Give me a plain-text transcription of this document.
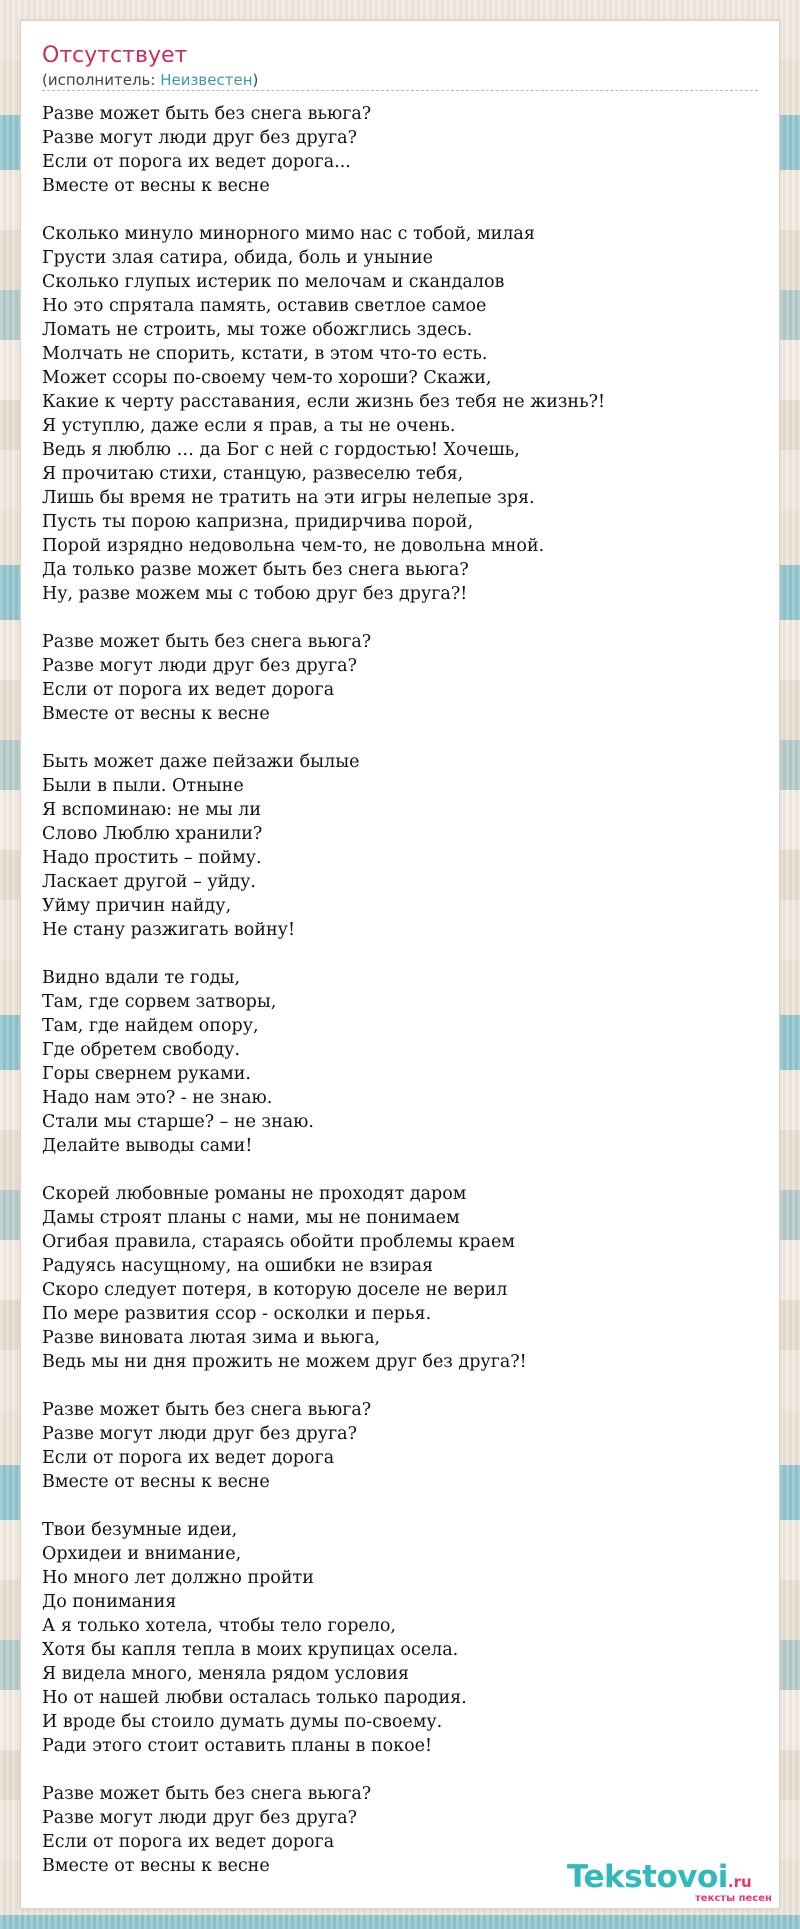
Отсутствует
(исполнитель: Неизвестен)
Разве может быть без снега вьюга?
Разве могут люди друг без друга?
Если от порога их ведет дорога...
Вместе от весны к весне
Сколько минуло минорного мимо нас с тобой, милая
Грусти злая сатира, обида, боль и уныние
Сколько глупых истерик по мелочам и скандалов
Но это спрятала память, оставив светлое самое
Ломать не строить, мы тоже обожглись здесь.
Молчать не спорить, кстати, в этом что-то есть.
Может ссоры по-своему чем-то хороши? Скажи,
Какие к черту расставания, если жизнь без тебя не жизнь?!
Я уступлю, даже если я прав, а ты не очень.
Ведь я люблю … да Бог с ней с гордостью! Хочешь,
Я прочитаю стихи, станцую, развеселю тебя,
Лишь бы время не тратить на эти игры нелепые зря.
Пусть ты порою капризна, придирчива порой,
Порой изрядно недовольна чем-то, не довольна мной.
Да только разве может быть без снега вьюга?
Ну, разве можем мы с тобою друг без друга?!
Разве может быть без снега вьюга?
Разве могут люди друг без друга?
Если от порога их ведет дорога
Вместе от весны к весне
Быть может даже пейзажи былые
Были в пыли. Отныне
Я вспоминаю: не мы ли
Слово Люблю хранили?
Надо простить – пойму.
Ласкает другой – уйду.
Уйму причин найду,
Не стану разжигать войну!
Видно вдали те годы,
Там, где сорвем затворы,
Там, где найдем опору,
Где обретем свободу.
Горы свернем руками.
Надо нам это? - не знаю.
Стали мы старше? – не знаю.
Делайте выводы сами!
Скорей любовные романы не проходят даром
Дамы строят планы с нами, мы не понимаем
Огибая правила, стараясь обойти проблемы краем
Радуясь насущному, на ошибки не взирая
Скоро следует потеря, в которую доселе не верил
По мере развития ссор - осколки и перья.
Разве виновата лютая зима и вьюга,
Ведь мы ни дня прожить не можем друг без друга?!
Разве может быть без снега вьюга?
Разве могут люди друг без друга?
Если от порога их ведет дорога
Вместе от весны к весне
Твои безумные идеи,
Орхидеи и внимание,
Но много лет должно пройти
До понимания
А я только хотела, чтобы тело горело,
Хотя бы капля тепла в моих крупицах осела.
Я видела много, меняла рядом условия
Но от нашей любви осталась только пародия.
И вроде бы стоило думать думы по-своему.
Ради этого стоит оставить планы в покое!
Разве может быть без снега вьюга?
Разве могут люди друг без друга?
Если от порога их ведет дорога
Вместе от весны к весне	Tekstovoi.ru
тексты песен
